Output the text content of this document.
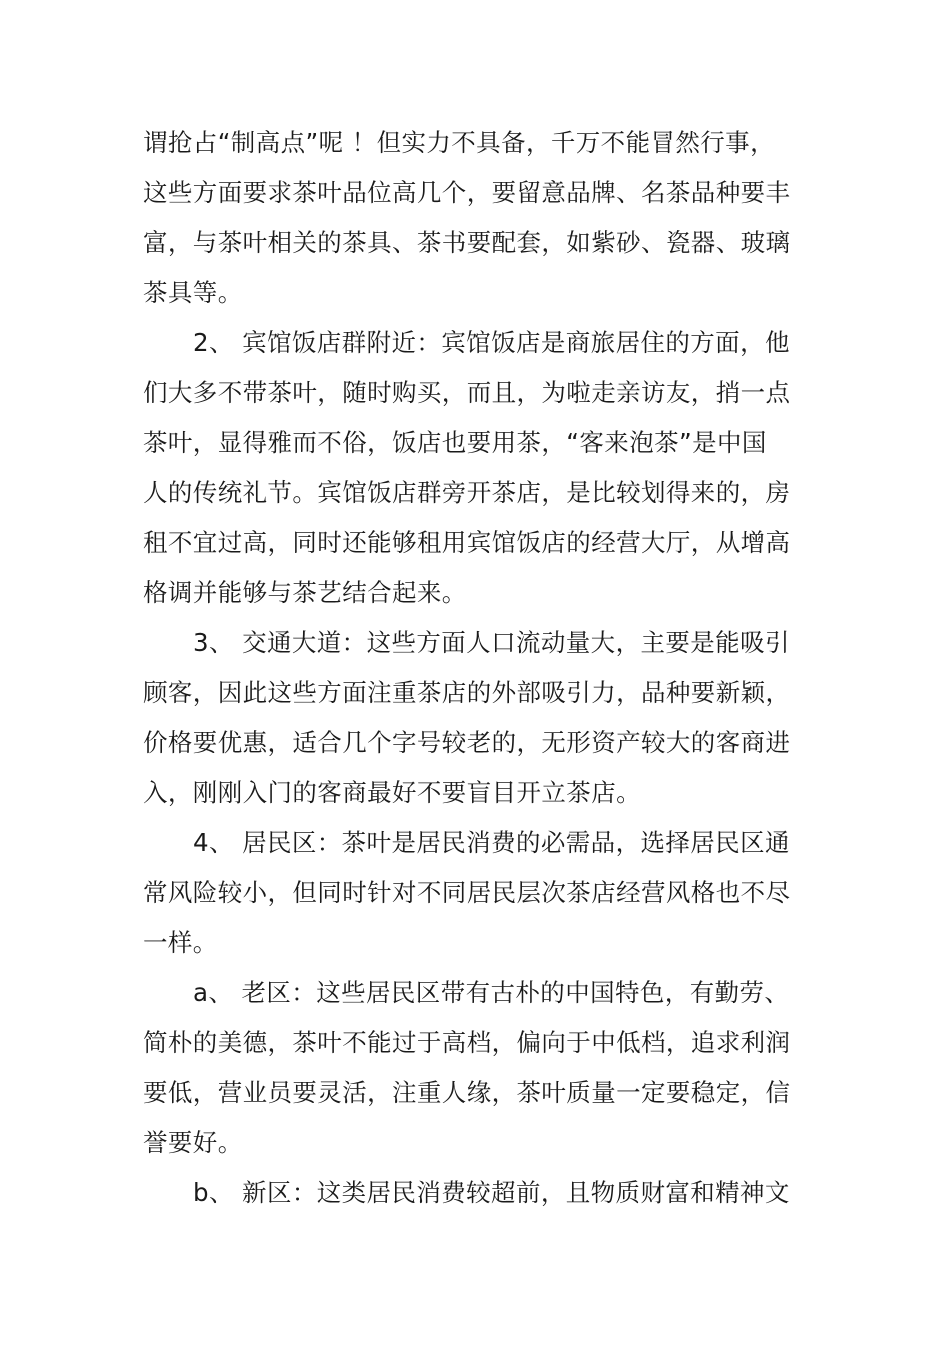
谓抢占“制高点”呢 ！但实力不具备，千万不能冒然行事，
这些方面要求茶叶品位高几个，要留意品牌、名茶品种要丰
富，与茶叶相关的茶具、茶书要配套，如紫砂、瓷器、玻璃
茶具等。
2、 宾馆饭店群附近：宾馆饭店是商旅居住的方面，他
们大多不带茶叶，随时购买，而且，为啦走亲访友，捎一点
茶叶，显得雅而不俗，饭店也要用茶，“客来泡茶”是中国
人的传统礼节。宾馆饭店群旁开茶店，是比较划得来的，房
租不宜过高，同时还能够租用宾馆饭店的经营大厅，从增高
格调并能够与茶艺结合起来。
3、 交通大道：这些方面人口流动量大，主要是能吸引
顾客，因此这些方面注重茶店的外部吸引力，品种要新颖，
价格要优惠，适合几个字号较老的，无形资产较大的客商进
入，刚刚入门的客商最好不要盲目开立茶店。
4、 居民区：茶叶是居民消费的必需品，选择居民区通
常风险较小，但同时针对不同居民层次茶店经营风格也不尽
一样。
a、 老区：这些居民区带有古朴的中国特色，有勤劳、
简朴的美德，茶叶不能过于高档，偏向于中低档，追求利润
要低，营业员要灵活，注重人缘，茶叶质量一定要稳定，信
誉要好。
b、 新区：这类居民消费较超前，且物质财富和精神文
